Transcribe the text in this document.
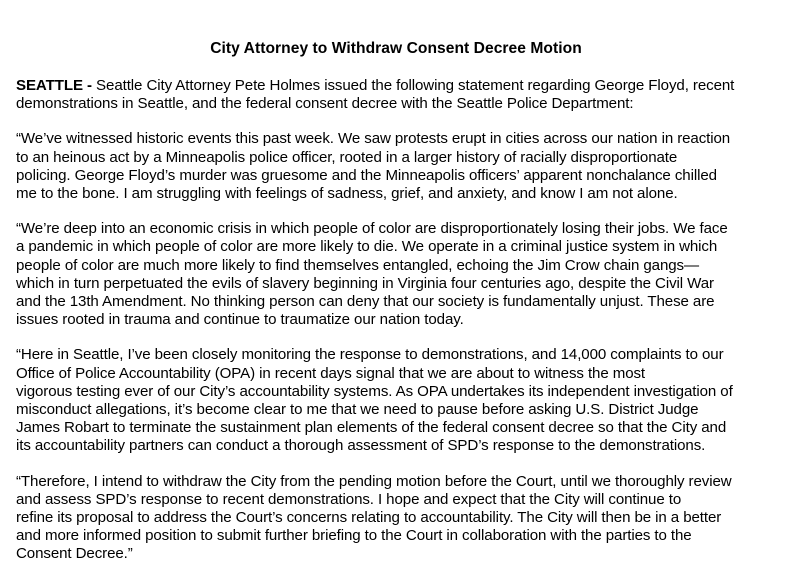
City Attorney to Withdraw Consent Decree Motion
SEATTLE - Seattle City Attorney Pete Holmes issued the following statement regarding George Floyd, recent
demonstrations in Seattle, and the federal consent decree with the Seattle Police Department:
“We’ve witnessed historic events this past week. We saw protests erupt in cities across our nation in reaction
to an heinous act by a Minneapolis police officer, rooted in a larger history of racially disproportionate
policing. George Floyd’s murder was gruesome and the Minneapolis officers’ apparent nonchalance chilled
me to the bone. I am struggling with feelings of sadness, grief, and anxiety, and know I am not alone.
“We’re deep into an economic crisis in which people of color are disproportionately losing their jobs. We face
a pandemic in which people of color are more likely to die. We operate in a criminal justice system in which
people of color are much more likely to find themselves entangled, echoing the Jim Crow chain gangs—
which in turn perpetuated the evils of slavery beginning in Virginia four centuries ago, despite the Civil War
and the 13th Amendment. No thinking person can deny that our society is fundamentally unjust. These are
issues rooted in trauma and continue to traumatize our nation today.
“Here in Seattle, I’ve been closely monitoring the response to demonstrations, and 14,000 complaints to our
Office of Police Accountability (OPA) in recent days signal that we are about to witness the most
vigorous testing ever of our City’s accountability systems. As OPA undertakes its independent investigation of
misconduct allegations, it’s become clear to me that we need to pause before asking U.S. District Judge
James Robart to terminate the sustainment plan elements of the federal consent decree so that the City and
its accountability partners can conduct a thorough assessment of SPD’s response to the demonstrations.
“Therefore, I intend to withdraw the City from the pending motion before the Court, until we thoroughly review
and assess SPD’s response to recent demonstrations. I hope and expect that the City will continue to
refine its proposal to address the Court’s concerns relating to accountability. The City will then be in a better
and more informed position to submit further briefing to the Court in collaboration with the parties to the
Consent Decree.”
